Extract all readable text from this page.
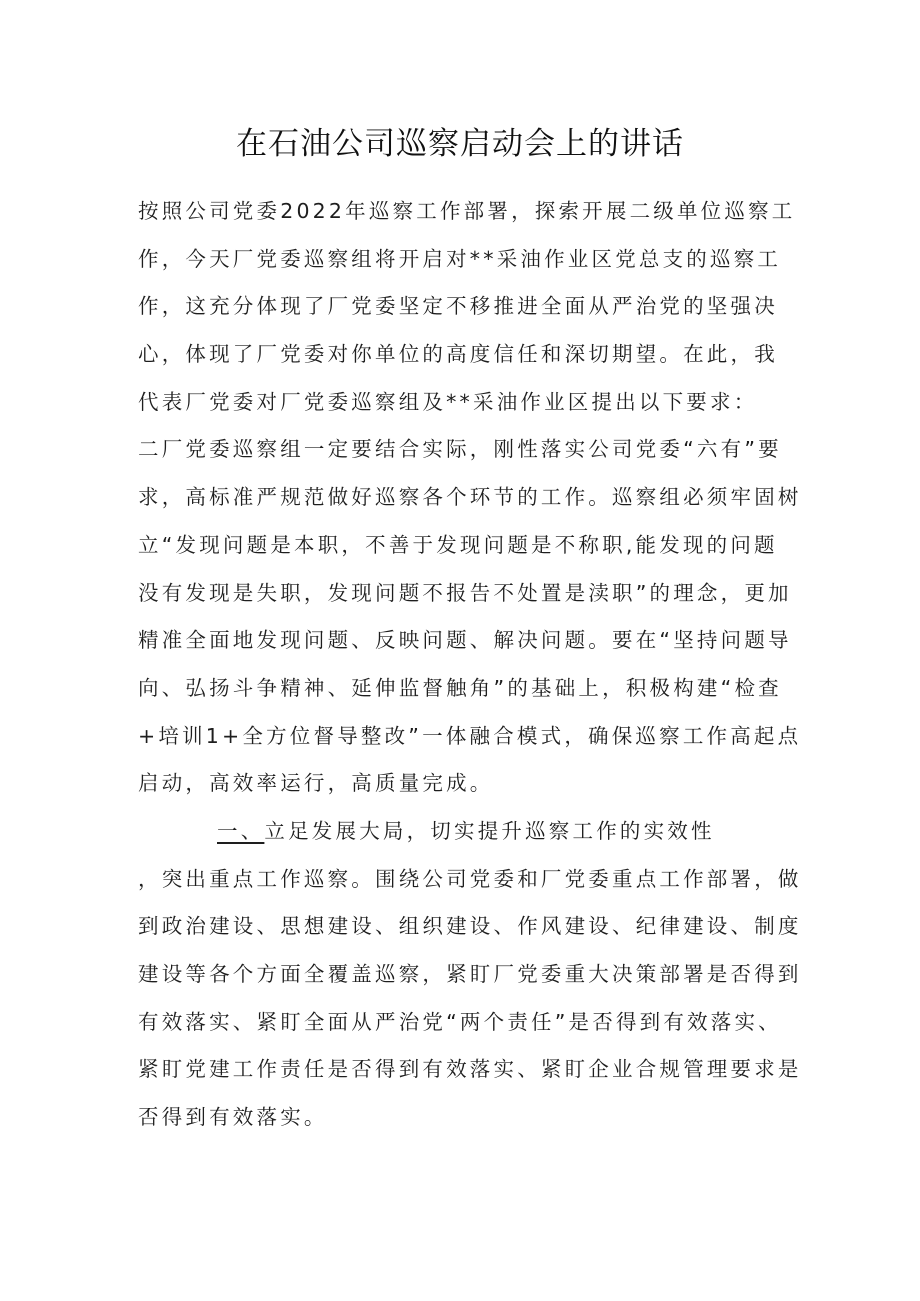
在石油公司巡察启动会上的讲话
按照公司党委2022年巡察工作部署，探索开展二级单位巡察工
作，今天厂党委巡察组将开启对**采油作业区党总支的巡察工
作，这充分体现了厂党委坚定不移推进全面从严治党的坚强决
心，体现了厂党委对你单位的高度信任和深切期望。在此，我
代表厂党委对厂党委巡察组及**采油作业区提出以下要求：
二厂党委巡察组一定要结合实际，刚性落实公司党委“六有”要
求，高标准严规范做好巡察各个环节的工作。巡察组必须牢固树
立“发现问题是本职，不善于发现问题是不称职,能发现的问题
没有发现是失职，发现问题不报告不处置是渎职”的理念，更加
精准全面地发现问题、反映问题、解决问题。要在“坚持问题导
向、弘扬斗争精神、延伸监督触角”的基础上，积极构建“检查
+培训1+全方位督导整改”一体融合模式，确保巡察工作高起点
启动，高效率运行，高质量完成。
一、立足发展大局，切实提升巡察工作的实效性
，突出重点工作巡察。围绕公司党委和厂党委重点工作部署，做
到政治建设、思想建设、组织建设、作风建设、纪律建设、制度
建设等各个方面全覆盖巡察，紧盯厂党委重大决策部署是否得到
有效落实、紧盯全面从严治党“两个责任”是否得到有效落实、
紧盯党建工作责任是否得到有效落实、紧盯企业合规管理要求是
否得到有效落实。
